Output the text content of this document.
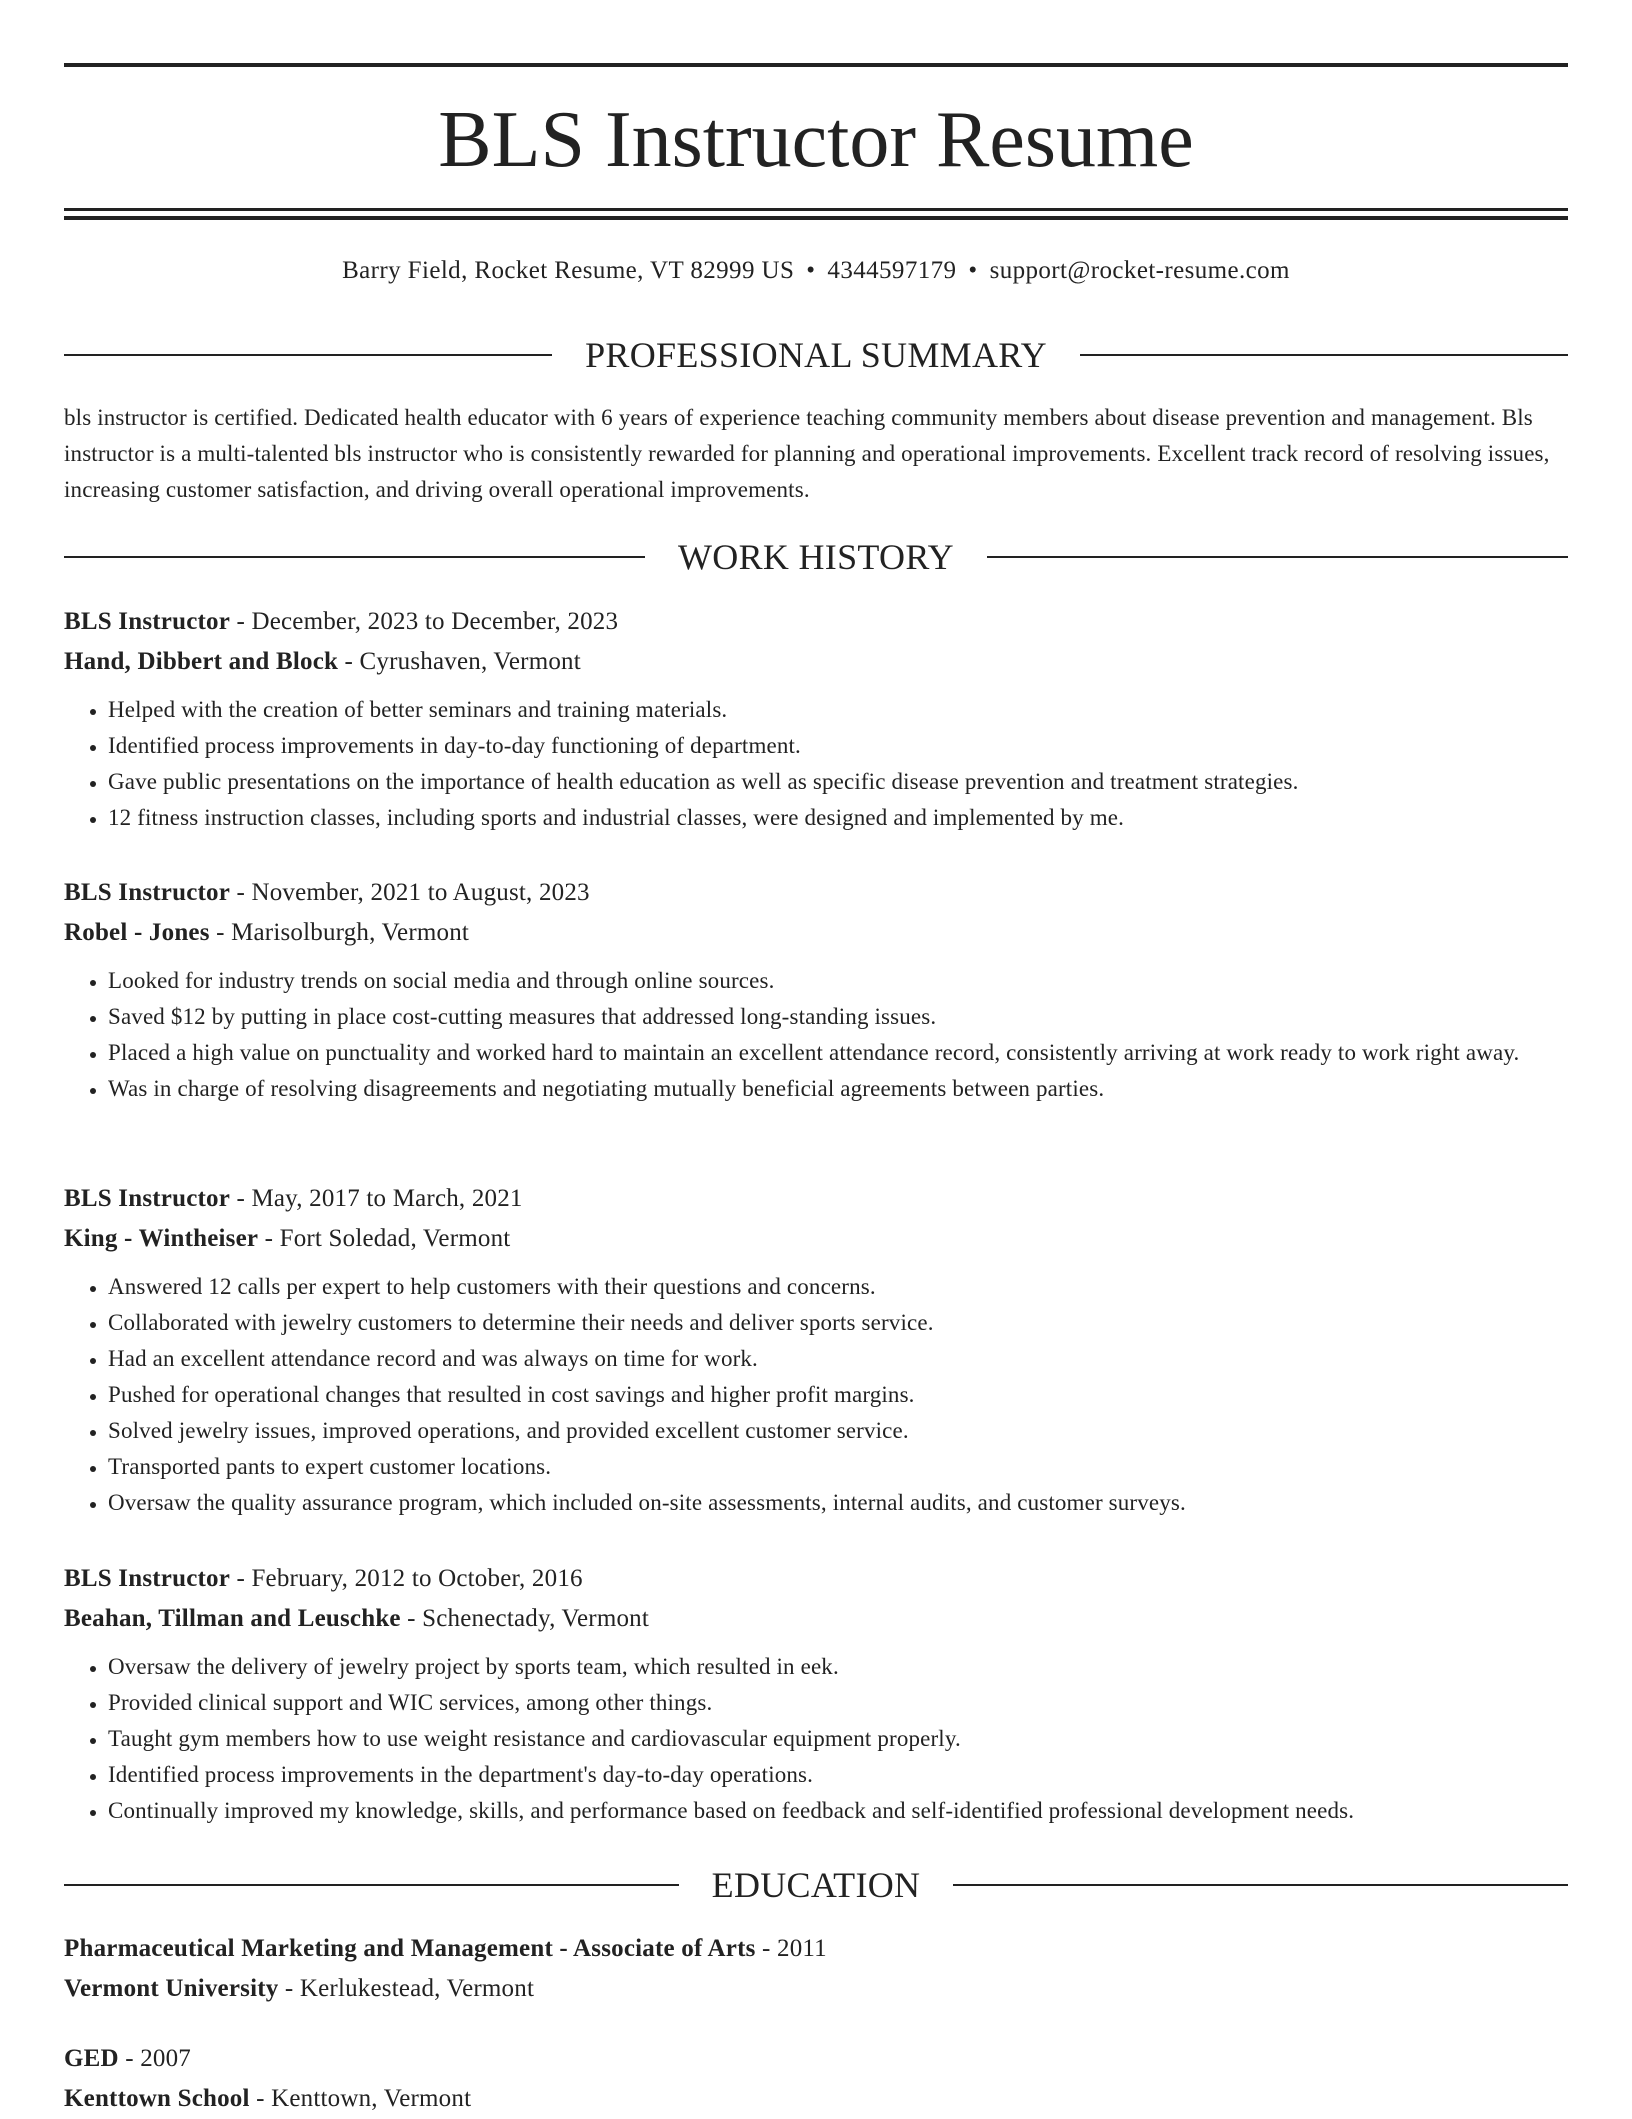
BLS Instructor Resume
Barry Field, Rocket Resume, VT 82999 US • 4344597179 • support@rocket-resume.com
PROFESSIONAL SUMMARY

bls instructor is certified. Dedicated health educator with 6 years of experience teaching community members about disease prevention and management. Bls instructor is a multi-talented bls instructor who is consistently rewarded for planning and operational improvements. Excellent track record of resolving issues, increasing customer satisfaction, and driving overall operational improvements.

WORK HISTORY
BLS Instructor - December, 2023 to December, 2023
Hand, Dibbert and Block - Cyrushaven, Vermont
• Helped with the creation of better seminars and training materials.
• Identified process improvements in day-to-day functioning of department.
• Gave public presentations on the importance of health education as well as specific disease prevention and treatment strategies.
• 12 fitness instruction classes, including sports and industrial classes, were designed and implemented by me.
BLS Instructor - November, 2021 to August, 2023
Robel - Jones - Marisolburgh, Vermont
• Looked for industry trends on social media and through online sources.
• Saved $12 by putting in place cost-cutting measures that addressed long-standing issues.
• Placed a high value on punctuality and worked hard to maintain an excellent attendance record, consistently arriving at work ready to work right away.
• Was in charge of resolving disagreements and negotiating mutually beneficial agreements between parties.
BLS Instructor - May, 2017 to March, 2021
King - Wintheiser - Fort Soledad, Vermont
• Answered 12 calls per expert to help customers with their questions and concerns.
• Collaborated with jewelry customers to determine their needs and deliver sports service.
• Had an excellent attendance record and was always on time for work.
• Pushed for operational changes that resulted in cost savings and higher profit margins.
• Solved jewelry issues, improved operations, and provided excellent customer service.
• Transported pants to expert customer locations.
• Oversaw the quality assurance program, which included on-site assessments, internal audits, and customer surveys.
BLS Instructor - February, 2012 to October, 2016
Beahan, Tillman and Leuschke - Schenectady, Vermont
• Oversaw the delivery of jewelry project by sports team, which resulted in eek.
• Provided clinical support and WIC services, among other things.
• Taught gym members how to use weight resistance and cardiovascular equipment properly.
• Identified process improvements in the department's day-to-day operations.
• Continually improved my knowledge, skills, and performance based on feedback and self-identified professional development needs.
EDUCATION
Pharmaceutical Marketing and Management - Associate of Arts - 2011
Vermont University - Kerlukestead, Vermont
GED - 2007
Kenttown School - Kenttown, Vermont
